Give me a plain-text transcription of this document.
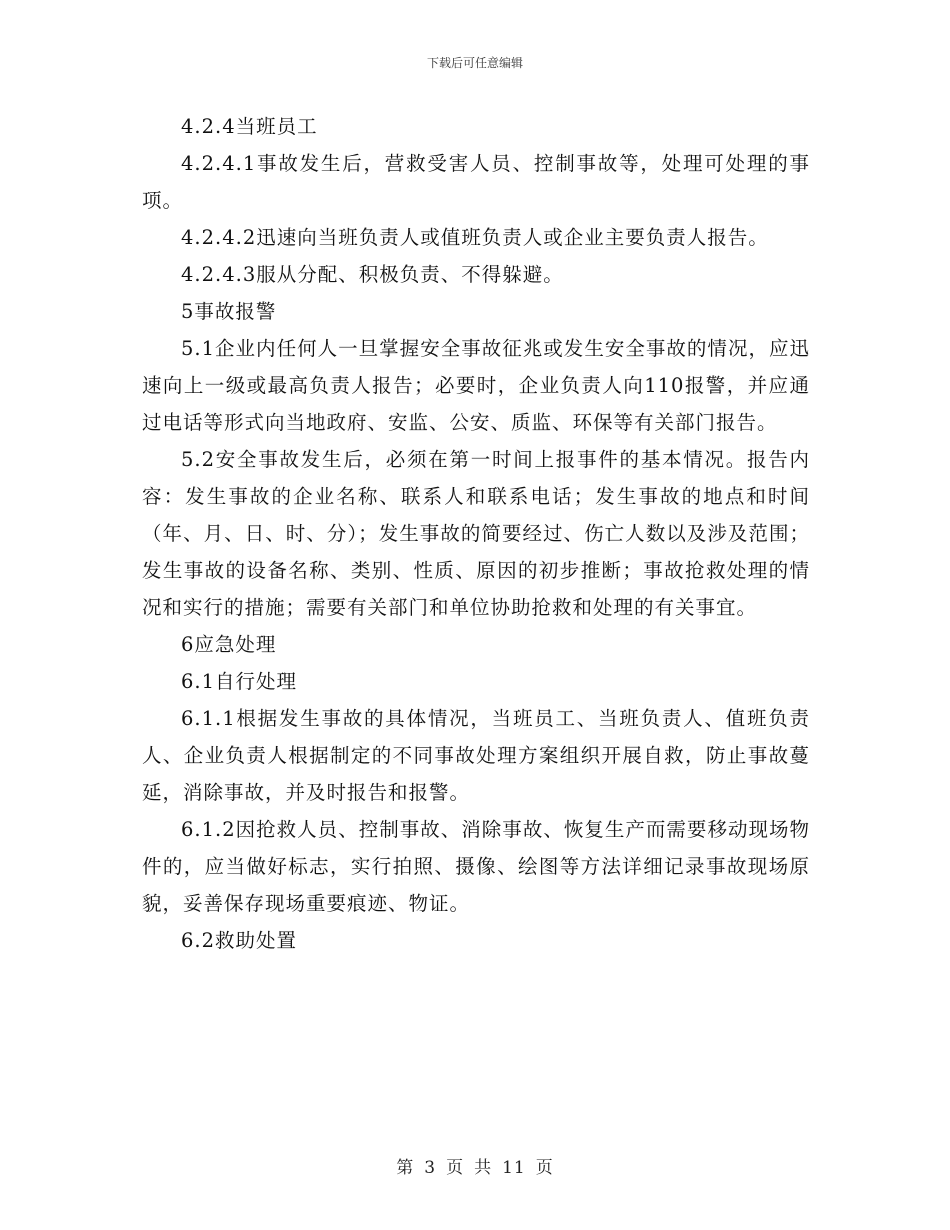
下载后可任意编辑

4.2.4当班员工

4.2.4.1事故发生后，营救受害人员、控制事故等，处理可处理的事项。

4.2.4.2迅速向当班负责人或值班负责人或企业主要负责人报告。

4.2.4.3服从分配、积极负责、不得躲避。

5事故报警

5.1企业内任何人一旦掌握安全事故征兆或发生安全事故的情况，应迅速向上一级或最高负责人报告；必要时，企业负责人向110报警，并应通过电话等形式向当地政府、安监、公安、质监、环保等有关部门报告。

5.2安全事故发生后，必须在第一时间上报事件的基本情况。报告内容：发生事故的企业名称、联系人和联系电话；发生事故的地点和时间（年、月、日、时、分）；发生事故的简要经过、伤亡人数以及涉及范围；发生事故的设备名称、类别、性质、原因的初步推断；事故抢救处理的情况和实行的措施；需要有关部门和单位协助抢救和处理的有关事宜。

6应急处理

6.1自行处理

6.1.1根据发生事故的具体情况，当班员工、当班负责人、值班负责人、企业负责人根据制定的不同事故处理方案组织开展自救，防止事故蔓延，消除事故，并及时报告和报警。

6.1.2因抢救人员、控制事故、消除事故、恢复生产而需要移动现场物件的，应当做好标志，实行拍照、摄像、绘图等方法详细记录事故现场原貌，妥善保存现场重要痕迹、物证。

6.2救助处置

第 3 页 共 11 页
